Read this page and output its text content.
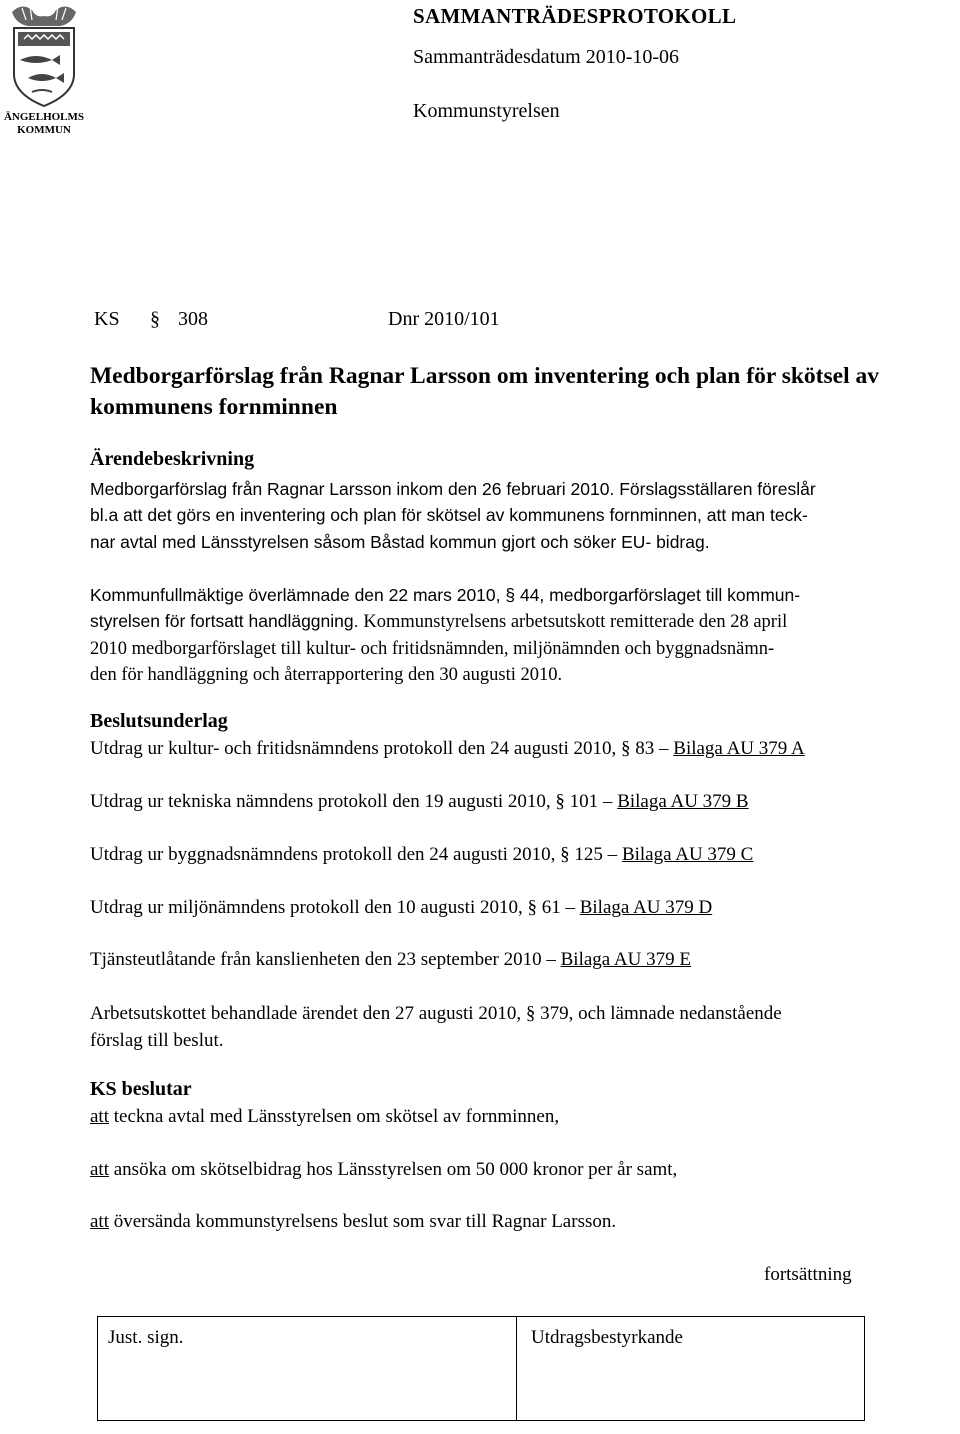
ÄNGELHOLMS
KOMMUN
SAMMANTRÄDESPROTOKOLL
Sammanträdesdatum 2010-10-06
Kommunstyrelsen
KS § 308	Dnr 2010/101
Medborgarförslag från Ragnar Larsson om inventering och plan för skötsel av kommunens fornminnen
Ärendebeskrivning
Medborgarförslag från Ragnar Larsson inkom den 26 februari 2010. Förslagsställaren föreslår
bl.a att det görs en inventering och plan för skötsel av kommunens fornminnen, att man teck-
nar avtal med Länsstyrelsen såsom Båstad kommun gjort och söker EU- bidrag.
Kommunfullmäktige överlämnade den 22 mars 2010, § 44, medborgarförslaget till kommun-
styrelsen för fortsatt handläggning. Kommunstyrelsens arbetsutskott remitterade den 28 april
2010 medborgarförslaget till kultur- och fritidsnämnden, miljönämnden och byggnadsnämn-
den för handläggning och återrapportering den 30 augusti 2010.
Beslutsunderlag
Utdrag ur kultur- och fritidsnämndens protokoll den 24 augusti 2010, § 83 – Bilaga AU 379 A
Utdrag ur tekniska nämndens protokoll den 19 augusti 2010, § 101 – Bilaga AU 379 B
Utdrag ur byggnadsnämndens protokoll den 24 augusti 2010, § 125 – Bilaga AU 379 C
Utdrag ur miljönämndens protokoll den 10 augusti 2010, § 61 – Bilaga AU 379 D
Tjänsteutlåtande från kanslienheten den 23 september 2010 – Bilaga AU 379 E
Arbetsutskottet behandlade ärendet den 27 augusti 2010, § 379, och lämnade nedanstående
förslag till beslut.
KS beslutar
att teckna avtal med Länsstyrelsen om skötsel av fornminnen,
att ansöka om skötselbidrag hos Länsstyrelsen om 50 000 kronor per år samt,
att översända kommunstyrelsens beslut som svar till Ragnar Larsson.
fortsättning
Just. sign.	Utdragsbestyrkande
